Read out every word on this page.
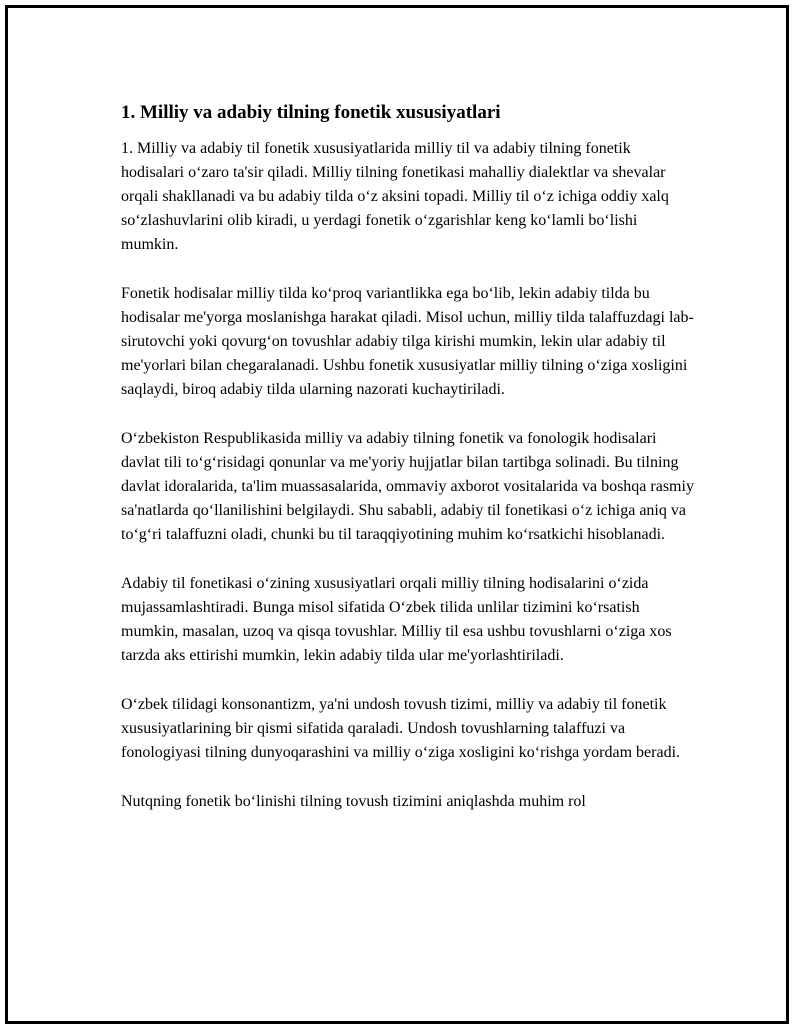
1. Milliy va adabiy tilning fonetik xususiyatlari

1. Milliy va adabiy til fonetik xususiyatlarida milliy til va adabiy tilning fonetik hodisalari o‘zaro ta'sir qiladi. Milliy tilning fonetikasi mahalliy dialektlar va shevalar orqali shakllanadi va bu adabiy tilda o‘z aksini topadi. Milliy til o‘z ichiga oddiy xalq so‘zlashuvlarini olib kiradi, u yerdagi fonetik o‘zgarishlar keng ko‘lamli bo‘lishi mumkin.

Fonetik hodisalar milliy tilda ko‘proq variantlikka ega bo‘lib, lekin adabiy tilda bu hodisalar me'yorga moslanishga harakat qiladi. Misol uchun, milliy tilda talaffuzdagi lab-sirutovchi yoki qovurg‘on tovushlar adabiy tilga kirishi mumkin, lekin ular adabiy til me'yorlari bilan chegaralanadi. Ushbu fonetik xususiyatlar milliy tilning o‘ziga xosligini saqlaydi, biroq adabiy tilda ularning nazorati kuchaytiriladi.

O‘zbekiston Respublikasida milliy va adabiy tilning fonetik va fonologik hodisalari davlat tili to‘g‘risidagi qonunlar va me'yoriy hujjatlar bilan tartibga solinadi. Bu tilning davlat idoralarida, ta'lim muassasalarida, ommaviy axborot vositalarida va boshqa rasmiy sa'natlarda qo‘llanilishini belgilaydi. Shu sababli, adabiy til fonetikasi o‘z ichiga aniq va to‘g‘ri talaffuzni oladi, chunki bu til taraqqiyotining muhim ko‘rsatkichi hisoblanadi.

Adabiy til fonetikasi o‘zining xususiyatlari orqali milliy tilning hodisalarini o‘zida mujassamlashtiradi. Bunga misol sifatida O‘zbek tilida unlilar tizimini ko‘rsatish mumkin, masalan, uzoq va qisqa tovushlar. Milliy til esa ushbu tovushlarni o‘ziga xos tarzda aks ettirishi mumkin, lekin adabiy tilda ular me'yorlashtiriladi.

O‘zbek tilidagi konsonantizm, ya'ni undosh tovush tizimi, milliy va adabiy til fonetik xususiyatlarining bir qismi sifatida qaraladi. Undosh tovushlarning talaffuzi va fonologiyasi tilning dunyoqarashini va milliy o‘ziga xosligini ko‘rishga yordam beradi.

Nutqning fonetik bo‘linishi tilning tovush tizimini aniqlashda muhim rol
